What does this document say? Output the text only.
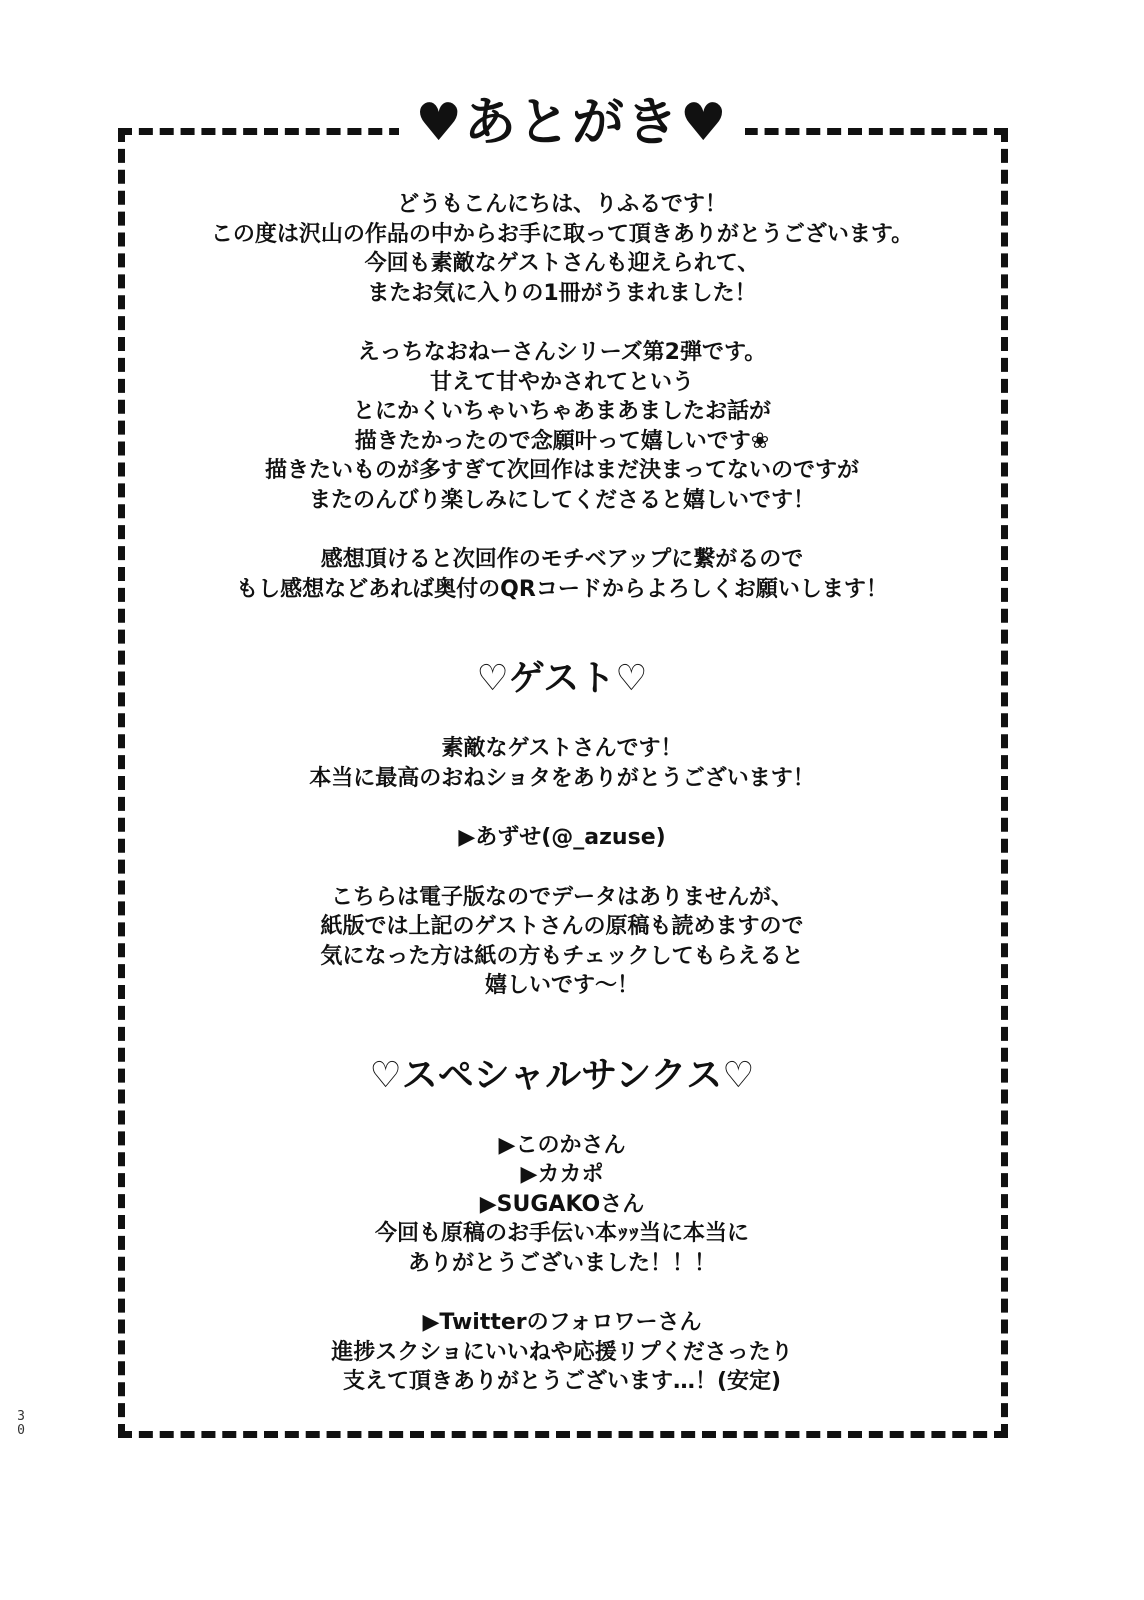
♥あとがき♥
どうもこんにちは、りふるです！
この度は沢山の作品の中からお手に取って頂きありがとうございます。
今回も素敵なゲストさんも迎えられて、
またお気に入りの1冊がうまれました！
えっちなおねーさんシリーズ第2弾です。
甘えて甘やかされてという
とにかくいちゃいちゃあまあましたお話が
描きたかったので念願叶って嬉しいです❀
描きたいものが多すぎて次回作はまだ決まってないのですが
またのんびり楽しみにしてくださると嬉しいです！
感想頂けると次回作のモチベアップに繋がるので
もし感想などあれば奥付のQRコードからよろしくお願いします！
♡ゲスト♡
素敵なゲストさんです！
本当に最高のおねショタをありがとうございます！
▶あずせ(@_azuse)
こちらは電子版なのでデータはありませんが、
紙版では上記のゲストさんの原稿も読めますので
気になった方は紙の方もチェックしてもらえると
嬉しいです〜！
♡スペシャルサンクス♡
▶このかさん
▶カカポ
▶SUGAKOさん
今回も原稿のお手伝い本ｯｯ当に本当に
ありがとうございました！！！
▶Twitterのフォロワーさん
進捗スクショにいいねや応援リプくださったり
支えて頂きありがとうございます…！(安定)
3
0
